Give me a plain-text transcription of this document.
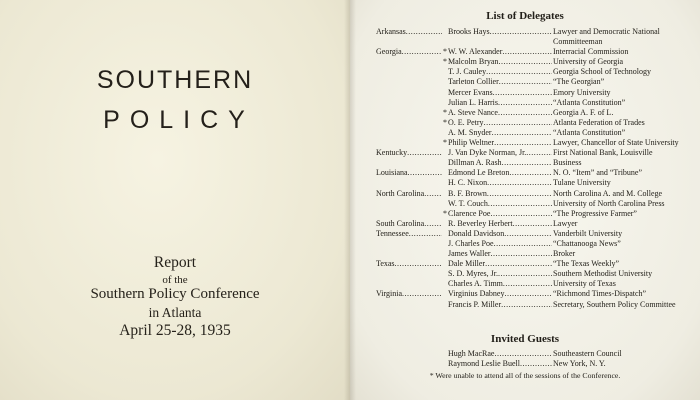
SOUTHERN
POLICY
Report
of the
Southern Policy Conference
in Atlanta
April 25-28, 1935
List of Delegates
Arkansas .....	Brooks Hays .....	Lawyer and Democratic National Committeeman
Georgia .....	* W. W. Alexander .....	Interracial Commission
* Malcolm Bryan .....	University of Georgia
T. J. Cauley .....	Georgia School of Technology
Tarleton Collier .....	“The Georgian”
Mercer Evans .....	Emory University
Julian L. Harris .....	“Atlanta Constitution”
* A. Steve Nance .....	Georgia A. F. of L.
* O. E. Petry .....	Atlanta Federation of Trades
A. M. Snyder .....	“Atlanta Constitution”
* Philip Weltner .....	Lawyer, Chancellor of State University
Kentucky .....	J. Van Dyke Norman, Jr. .....	First National Bank, Louisville
Dillman A. Rash .....	Business
Louisiana .....	Edmond Le Breton .....	N. O. “Item” and “Tribune”
H. C. Nixon .....	Tulane University
North Carolina .....	B. F. Brown .....	North Carolina A. and M. College
W. T. Couch .....	University of North Carolina Press
* Clarence Poe .....	“The Progressive Farmer”
South Carolina .....	R. Beverley Herbert .....	Lawyer
Tennessee .....	Donald Davidson .....	Vanderbilt University
J. Charles Poe .....	“Chattanooga News”
James Waller .....	Broker
Texas .....	Dale Miller .....	“The Texas Weekly”
S. D. Myres, Jr. .....	Southern Methodist University
Charles A. Timm .....	University of Texas
Virginia .....	Virginius Dabney .....	“Richmond Times-Dispatch”
Francis P. Miller .....	Secretary, Southern Policy Committee
Invited Guests
Hugh MacRae .....	Southeastern Council
Raymond Leslie Buell .....	New York, N. Y.
* Were unable to attend all of the sessions of the Conference.
